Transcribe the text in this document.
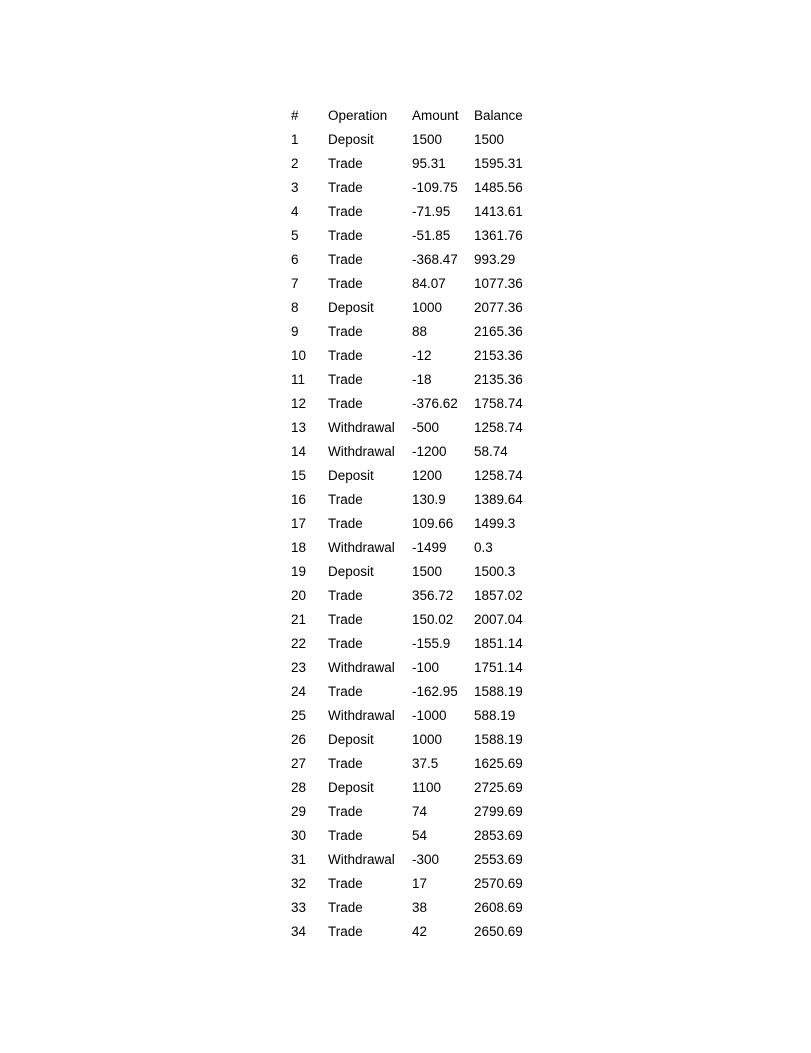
#	Operation	Amount	Balance
1	Deposit	1500	1500
2	Trade	95.31	1595.31
3	Trade	-109.75	1485.56
4	Trade	-71.95	1413.61
5	Trade	-51.85	1361.76
6	Trade	-368.47	993.29
7	Trade	84.07	1077.36
8	Deposit	1000	2077.36
9	Trade	88	2165.36
10	Trade	-12	2153.36
11	Trade	-18	2135.36
12	Trade	-376.62	1758.74
13	Withdrawal	-500	1258.74
14	Withdrawal	-1200	58.74
15	Deposit	1200	1258.74
16	Trade	130.9	1389.64
17	Trade	109.66	1499.3
18	Withdrawal	-1499	0.3
19	Deposit	1500	1500.3
20	Trade	356.72	1857.02
21	Trade	150.02	2007.04
22	Trade	-155.9	1851.14
23	Withdrawal	-100	1751.14
24	Trade	-162.95	1588.19
25	Withdrawal	-1000	588.19
26	Deposit	1000	1588.19
27	Trade	37.5	1625.69
28	Deposit	1100	2725.69
29	Trade	74	2799.69
30	Trade	54	2853.69
31	Withdrawal	-300	2553.69
32	Trade	17	2570.69
33	Trade	38	2608.69
34	Trade	42	2650.69
